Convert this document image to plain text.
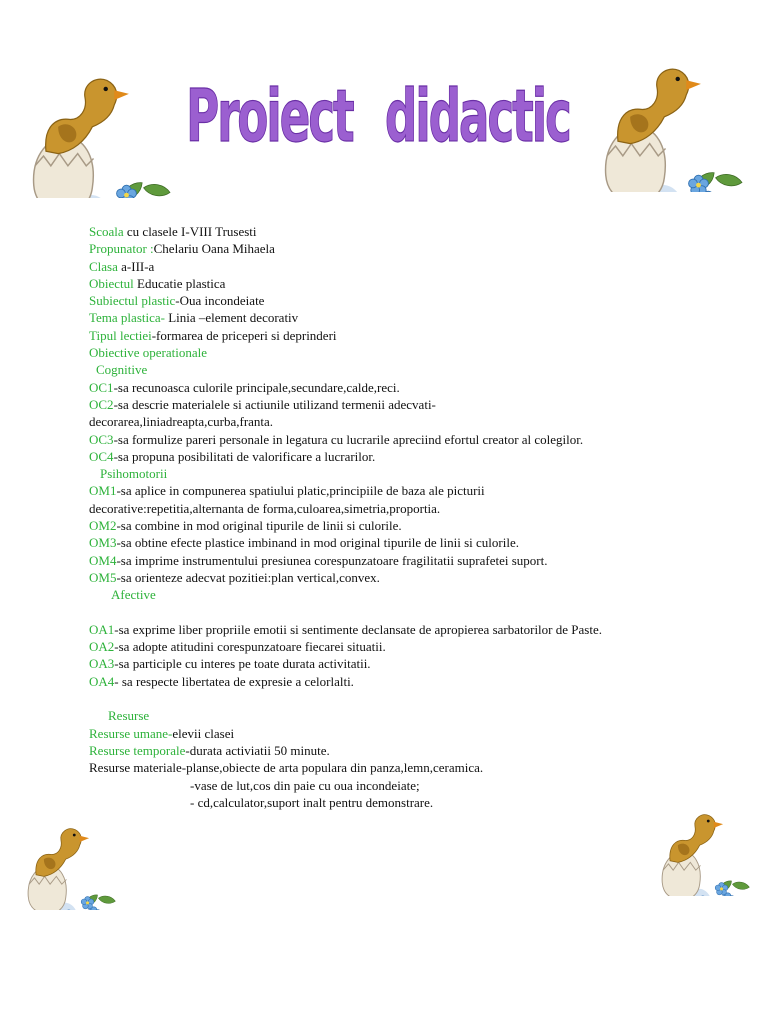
Proiect didactic
Scoala cu clasele I-VIII Trusesti
Propunator :Chelariu Oana Mihaela
Clasa a-III-a
Obiectul Educatie plastica
Subiectul plastic-Oua incondeiate
Tema plastica- Linia –element decorativ
Tipul lectiei-formarea de priceperi si deprinderi
Obiective operationale
Cognitive
OC1-sa recunoasca culorile principale,secundare,calde,reci.
OC2-sa descrie materialele si actiunile utilizand termenii adecvati-
decorarea,liniadreapta,curba,franta.
OC3-sa formulize pareri personale in legatura cu lucrarile apreciind efortul creator al colegilor.
OC4-sa propuna posibilitati de valorificare a lucrarilor.
Psihomotorii
OM1-sa aplice in compunerea spatiului platic,principiile de baza ale picturii
decorative:repetitia,alternanta de forma,culoarea,simetria,proportia.
OM2-sa combine in mod original tipurile de linii si culorile.
OM3-sa obtine efecte plastice imbinand in mod original tipurile de linii si culorile.
OM4-sa imprime instrumentului presiunea corespunzatoare fragilitatii suprafetei suport.
OM5-sa orienteze adecvat pozitiei:plan vertical,convex.
Afective
OA1-sa exprime liber propriile emotii si sentimente declansate de apropierea sarbatorilor de Paste.
OA2-sa adopte atitudini corespunzatoare fiecarei situatii.
OA3-sa participle cu interes pe toate durata activitatii.
OA4- sa respecte libertatea de expresie a celorlalti.
Resurse
Resurse umane-elevii clasei
Resurse temporale-durata activiatii 50 minute.
Resurse materiale-planse,obiecte de arta populara din panza,lemn,ceramica.
-vase de lut,cos din paie cu oua incondeiate;
- cd,calculator,suport inalt pentru demonstrare.
